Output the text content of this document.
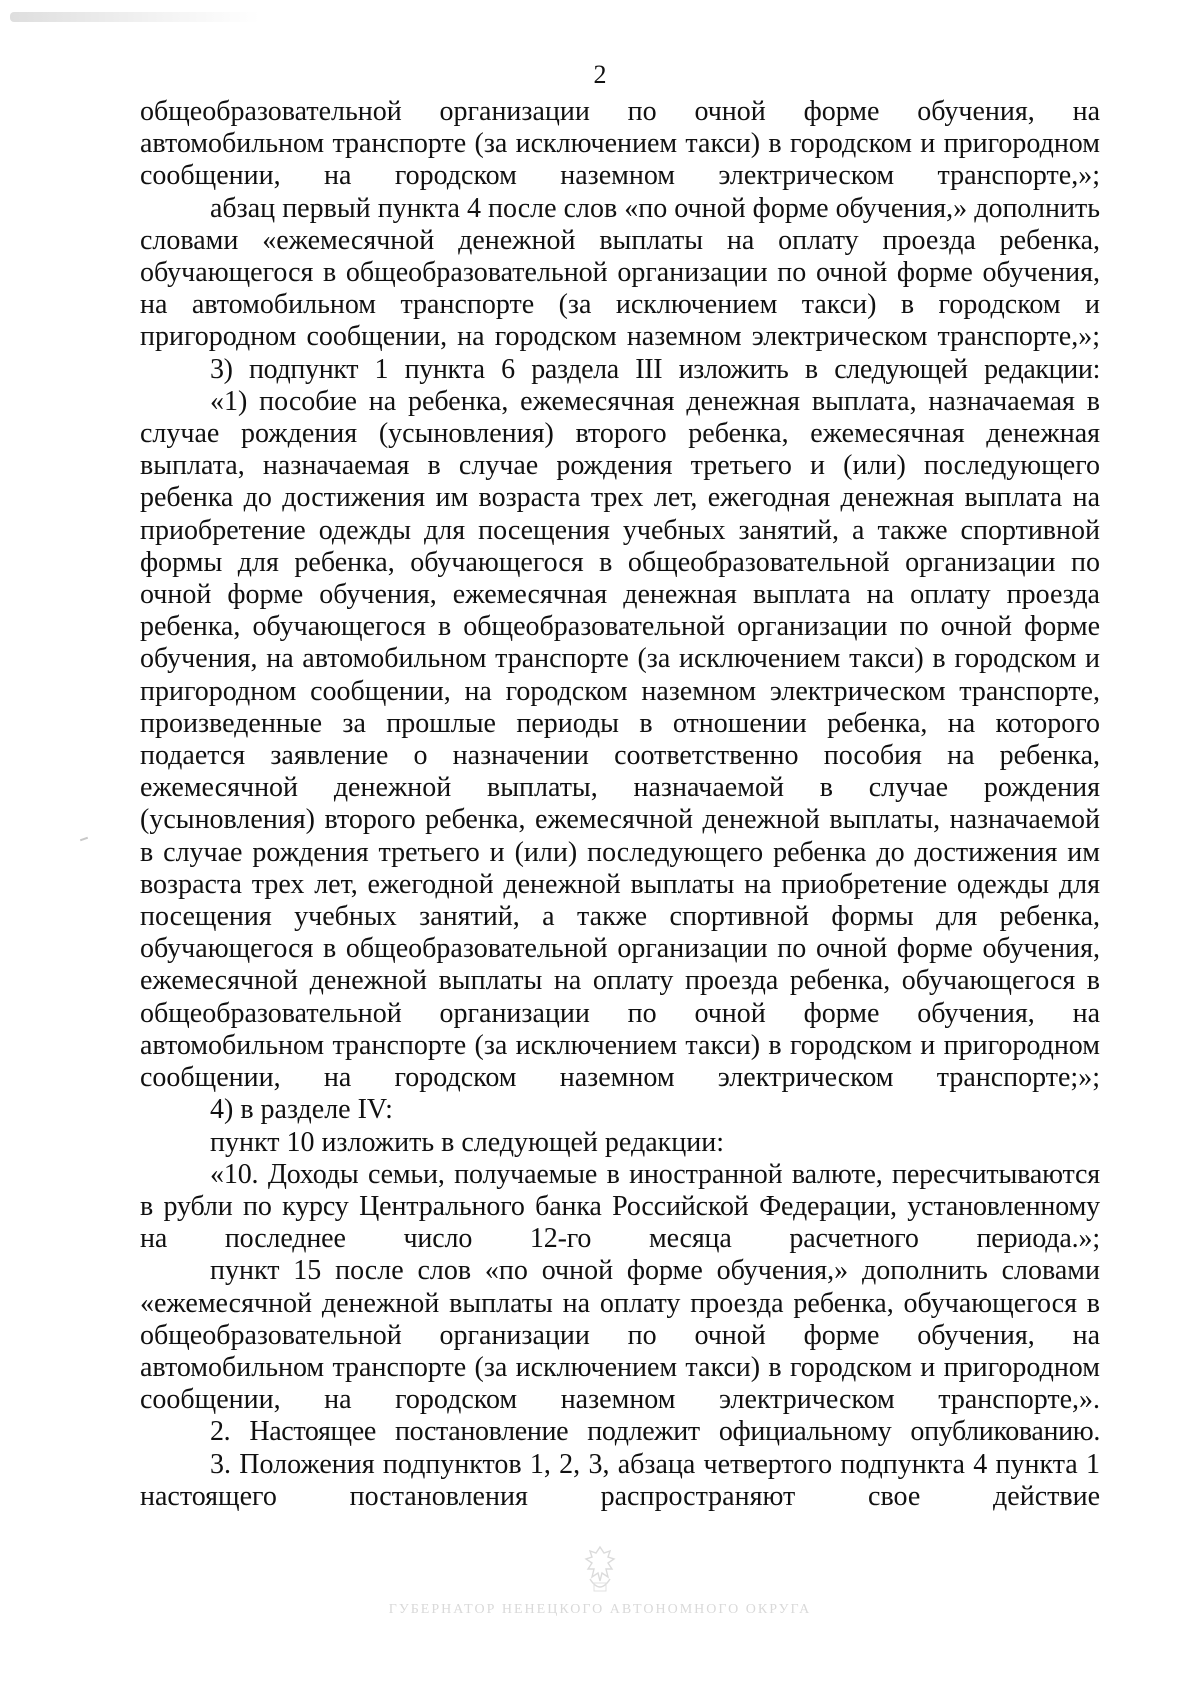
2

общеобразовательной организации по очной форме обучения, на автомобильном транспорте (за исключением такси) в городском и пригородном сообщении, на городском наземном электрическом транспорте,»;

абзац первый пункта 4 после слов «по очной форме обучения,» дополнить словами «ежемесячной денежной выплаты на оплату проезда ребенка, обучающегося в общеобразовательной организации по очной форме обучения, на автомобильном транспорте (за исключением такси) в городском и пригородном сообщении, на городском наземном электрическом транспорте,»;

3) подпункт 1 пункта 6 раздела III изложить в следующей редакции:

«1) пособие на ребенка, ежемесячная денежная выплата, назначаемая в случае рождения (усыновления) второго ребенка, ежемесячная денежная выплата, назначаемая в случае рождения третьего и (или) последующего ребенка до достижения им возраста трех лет, ежегодная денежная выплата на приобретение одежды для посещения учебных занятий, а также спортивной формы для ребенка, обучающегося в общеобразовательной организации по очной форме обучения, ежемесячная денежная выплата на оплату проезда ребенка, обучающегося в общеобразовательной организации по очной форме обучения, на автомобильном транспорте (за исключением такси) в городском и пригородном сообщении, на городском наземном электрическом транспорте, произведенные за прошлые периоды в отношении ребенка, на которого подается заявление о назначении соответственно пособия на ребенка, ежемесячной денежной выплаты, назначаемой в случае рождения (усыновления) второго ребенка, ежемесячной денежной выплаты, назначаемой в случае рождения третьего и (или) последующего ребенка до достижения им возраста трех лет, ежегодной денежной выплаты на приобретение одежды для посещения учебных занятий, а также спортивной формы для ребенка, обучающегося в общеобразовательной организации по очной форме обучения, ежемесячной денежной выплаты на оплату проезда ребенка, обучающегося в общеобразовательной организации по очной форме обучения, на автомобильном транспорте (за исключением такси) в городском и пригородном сообщении, на городском наземном электрическом транспорте;»;

4) в разделе IV:

пункт 10 изложить в следующей редакции:

«10. Доходы семьи, получаемые в иностранной валюте, пересчитываются в рубли по курсу Центрального банка Российской Федерации, установленному на последнее число 12-го месяца расчетного периода.»;

пункт 15 после слов «по очной форме обучения,» дополнить словами «ежемесячной денежной выплаты на оплату проезда ребенка, обучающегося в общеобразовательной организации по очной форме обучения, на автомобильном транспорте (за исключением такси) в городском и пригородном сообщении, на городском наземном электрическом транспорте,».

2. Настоящее постановление подлежит официальному опубликованию.

3. Положения подпунктов 1, 2, 3, абзаца четвертого подпункта 4 пункта 1 настоящего постановления распространяют свое действие

ГУБЕРНАТОР НЕНЕЦКОГО АВТОНОМНОГО ОКРУГА
